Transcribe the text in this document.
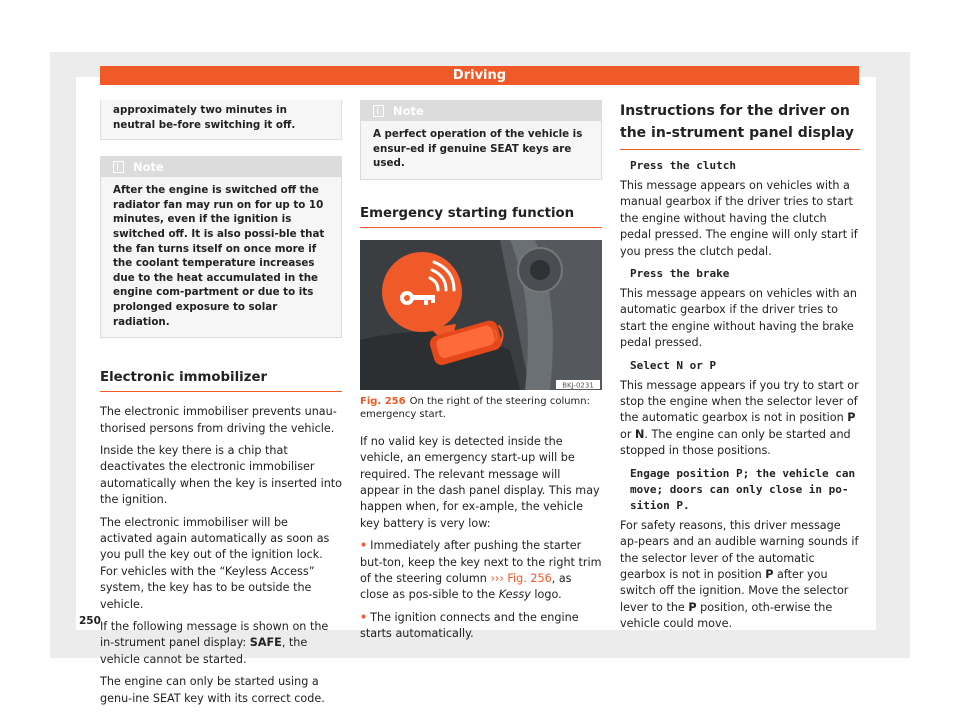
Driving
approximately two minutes in neutral be-fore switching it off.
Note
After the engine is switched off the radiator fan may run on for up to 10 minutes, even if the ignition is switched off. It is also possi-ble that the fan turns itself on once more if the coolant temperature increases due to the heat accumulated in the engine com-partment or due to its prolonged exposure to solar radiation.
Electronic immobilizer

The electronic immobiliser prevents unau-thorised persons from driving the vehicle.

Inside the key there is a chip that deactivates the electronic immobiliser automatically when the key is inserted into the ignition.

The electronic immobiliser will be activated again automatically as soon as you pull the key out of the ignition lock. For vehicles with the “Keyless Access” system, the key has to be outside the vehicle.

If the following message is shown on the in-strument panel display: SAFE, the vehicle cannot be started.

The engine can only be started using a genu-ine SEAT key with its correct code.

Note
A perfect operation of the vehicle is ensur-ed if genuine SEAT keys are used.
Emergency starting function
BKJ-0231
Fig. 256 On the right of the steering column: emergency start.

If no valid key is detected inside the vehicle, an emergency start-up will be required. The relevant message will appear in the dash panel display. This may happen when, for ex-ample, the vehicle key battery is very low:

• Immediately after pushing the starter but-ton, keep the key next to the right trim of the steering column ››› Fig. 256, as close as pos-sible to the Kessy logo.
• The ignition connects and the engine starts automatically.
Instructions for the driver on the in-strument panel display
Press the clutch

This message appears on vehicles with a manual gearbox if the driver tries to start the engine without having the clutch pedal pressed. The engine will only start if you press the clutch pedal.

Press the brake

This message appears on vehicles with an automatic gearbox if the driver tries to start the engine without having the brake pedal pressed.

Select N or P

This message appears if you try to start or stop the engine when the selector lever of the automatic gearbox is not in position P or N. The engine can only be started and stopped in those positions.

Engage position P; the vehicle can move; doors can only close in po-sition P.

For safety reasons, this driver message ap-pears and an audible warning sounds if the selector lever of the automatic gearbox is not in position P after you switch off the ignition. Move the selector lever to the P position, oth-erwise the vehicle could move.

250
